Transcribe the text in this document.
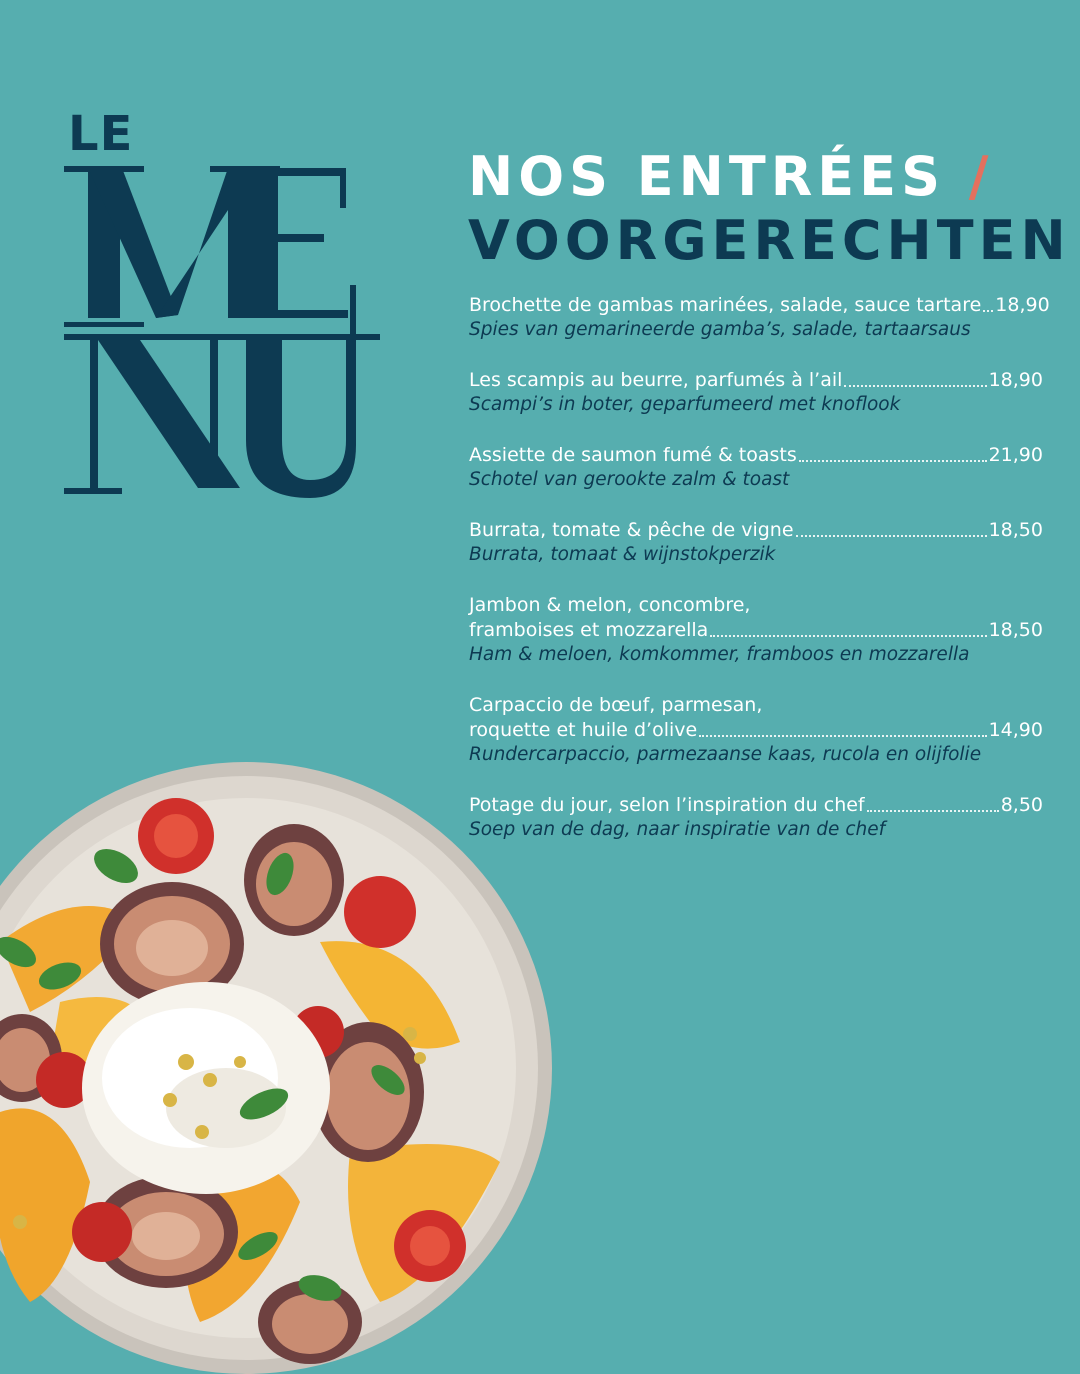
LE
NOS ENTRÉES /
VOORGERECHTEN
Brochette de gambas marinées, salade, sauce tartare 18,90
Spies van gemarineerde gamba’s, salade, tartaarsaus
Les scampis au beurre, parfumés à l’ail	18,90
Scampi’s in boter, geparfumeerd met knoflook
Assiette de saumon fumé & toasts	21,90
Schotel van gerookte zalm & toast
Burrata, tomate & pêche de vigne	18,50
Burrata, tomaat & wijnstokperzik
Jambon & melon, concombre,
framboises et mozzarella	18,50
Ham & meloen, komkommer, framboos en mozzarella
Carpaccio de bœuf, parmesan,
roquette et huile d’olive	14,90
Rundercarpaccio, parmezaanse kaas, rucola en olijfolie
Potage du jour, selon l’inspiration du chef	8,50
Soep van de dag, naar inspiratie van de chef
